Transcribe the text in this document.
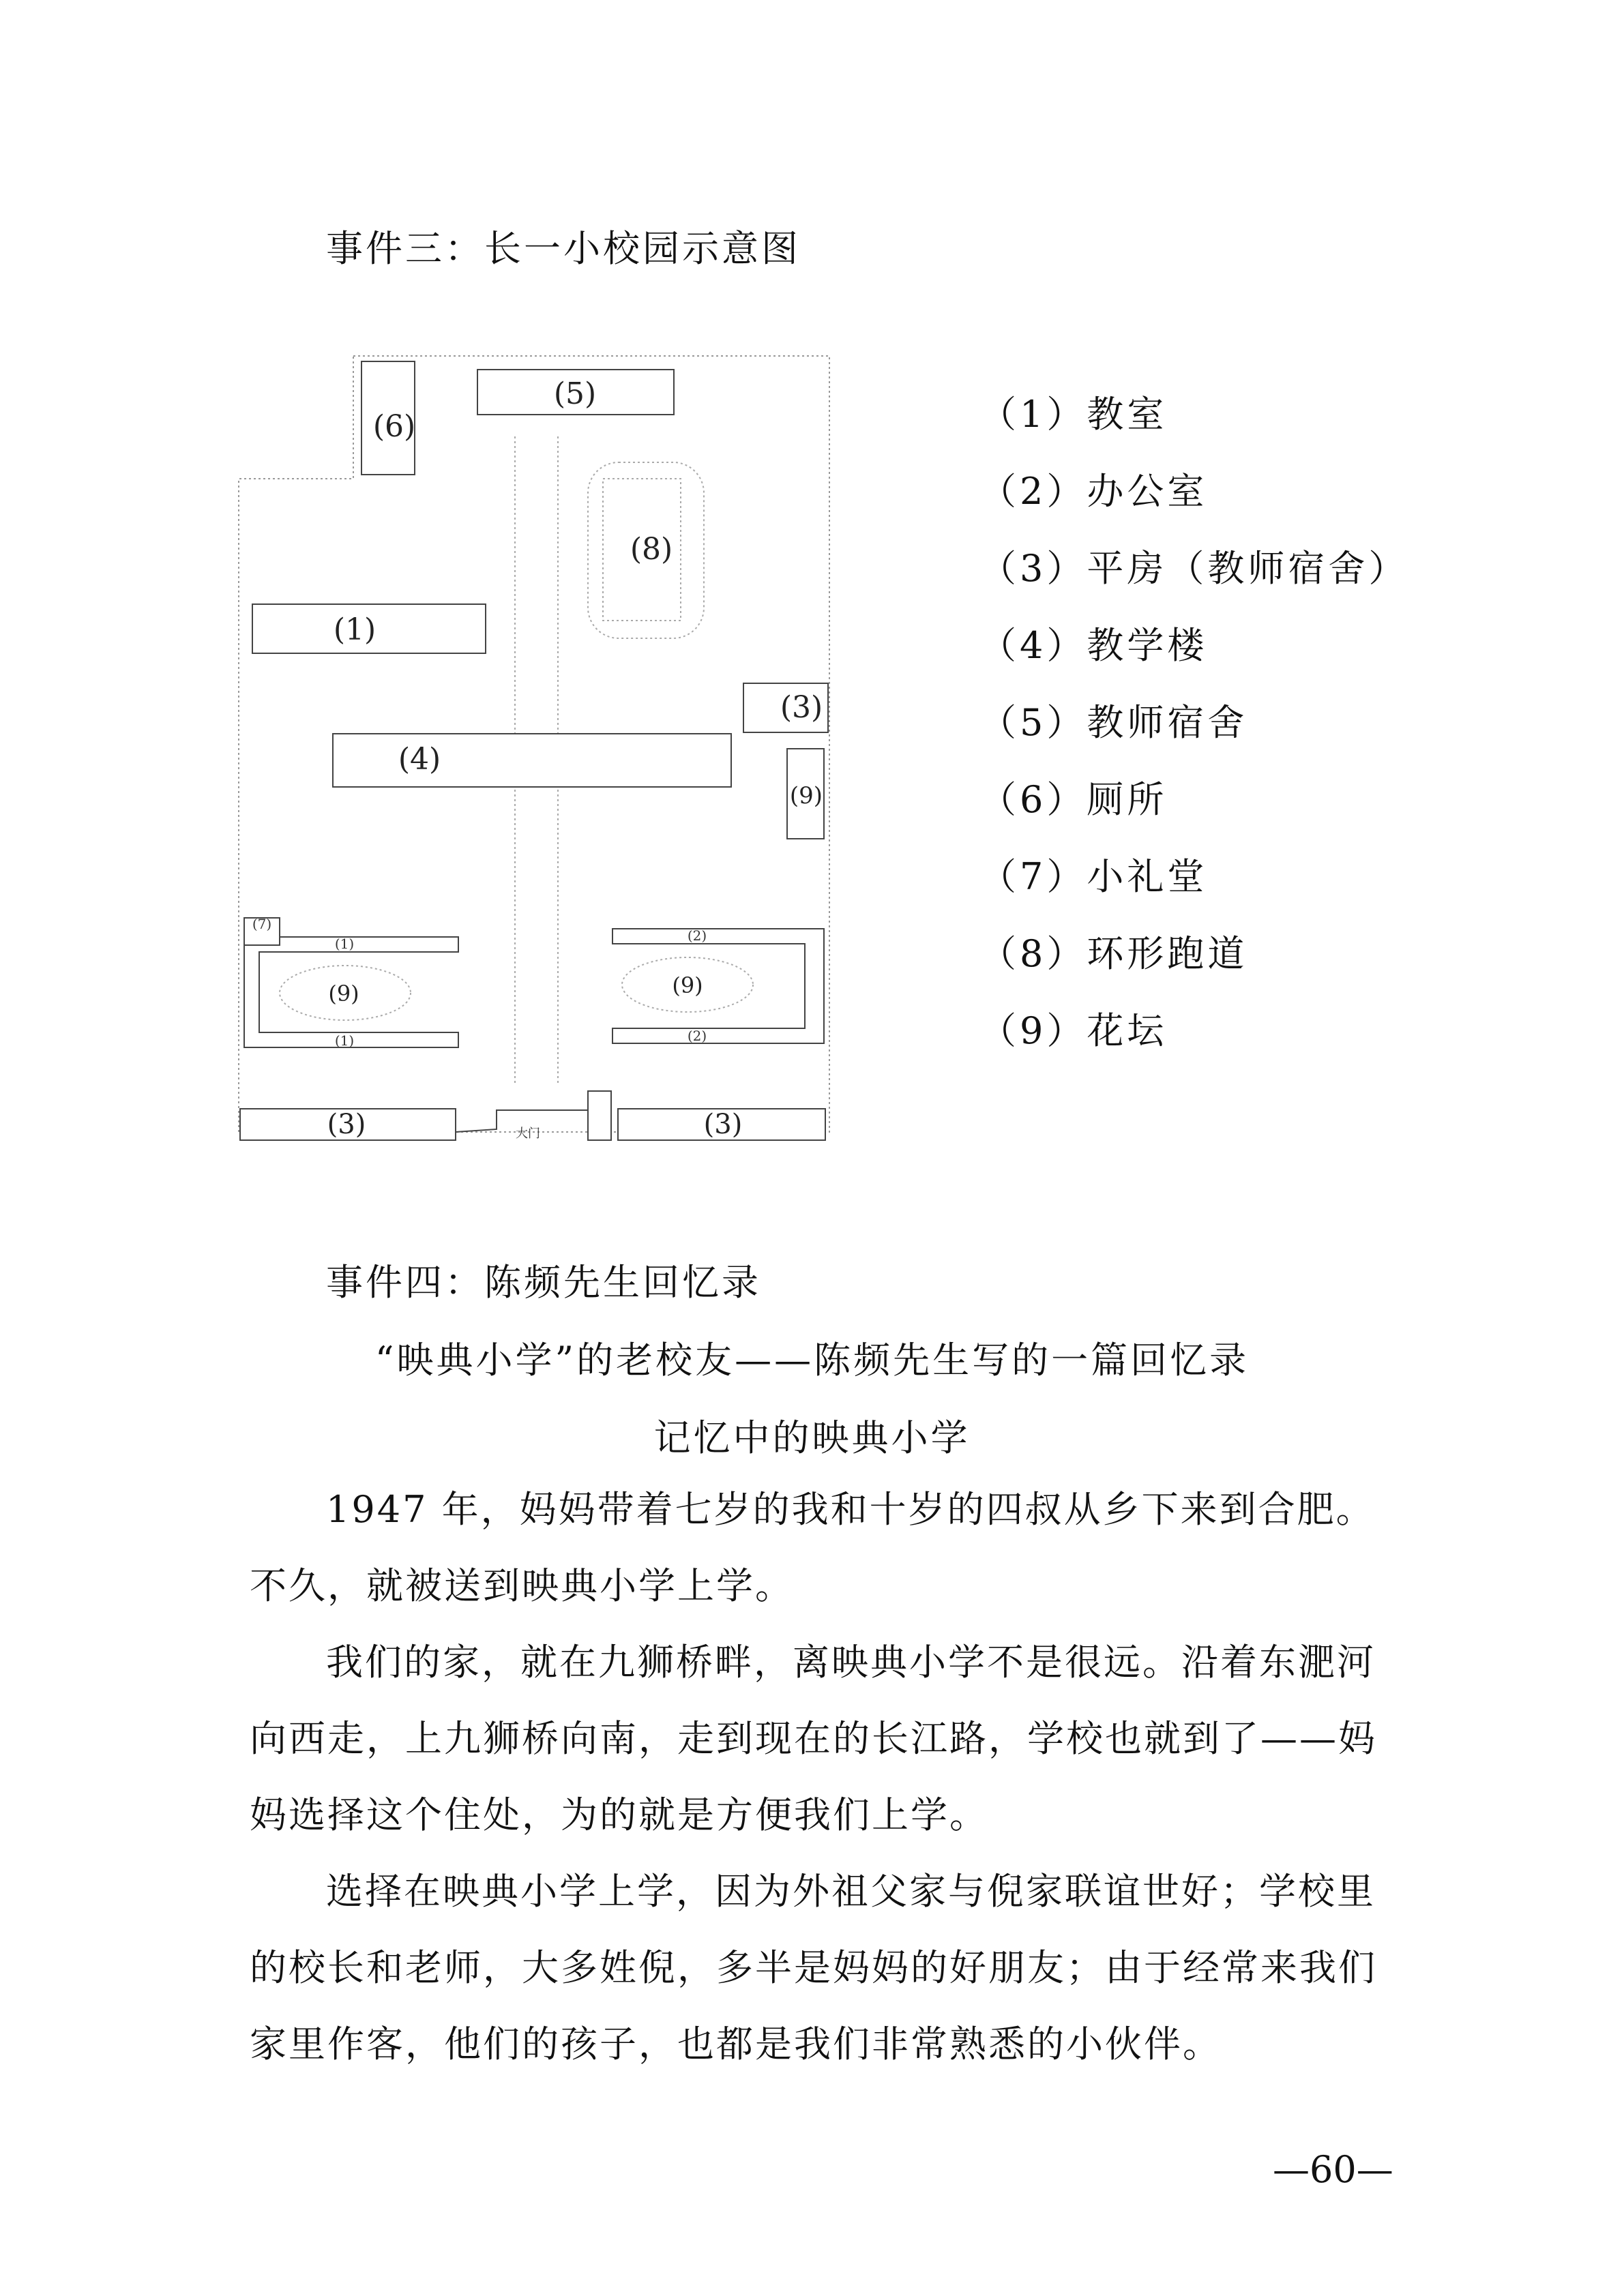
事件三：长一小校园示意图
(6)
(5)
(8)
(1)
(3)
(4)
(9)
(7)
(1)
(1)
(9)
(2)
(2)
(9)
(3)	大门	(3)
（1）教室
（2）办公室
（3）平房（教师宿舍）
（4）教学楼
（5）教师宿舍
（6）厕所
（7）小礼堂
（8）环形跑道
（9）花坛
事件四：陈频先生回忆录
“映典小学”的老校友——陈频先生写的一篇回忆录
记忆中的映典小学

1947 年，妈妈带着七岁的我和十岁的四叔从乡下来到合肥。不久，就被送到映典小学上学。

我们的家，就在九狮桥畔，离映典小学不是很远。沿着东淝河向西走，上九狮桥向南，走到现在的长江路，学校也就到了——妈妈选择这个住处，为的就是方便我们上学。

选择在映典小学上学，因为外祖父家与倪家联谊世好；学校里的校长和老师，大多姓倪，多半是妈妈的好朋友；由于经常来我们家里作客，他们的孩子，也都是我们非常熟悉的小伙伴。

—60—
